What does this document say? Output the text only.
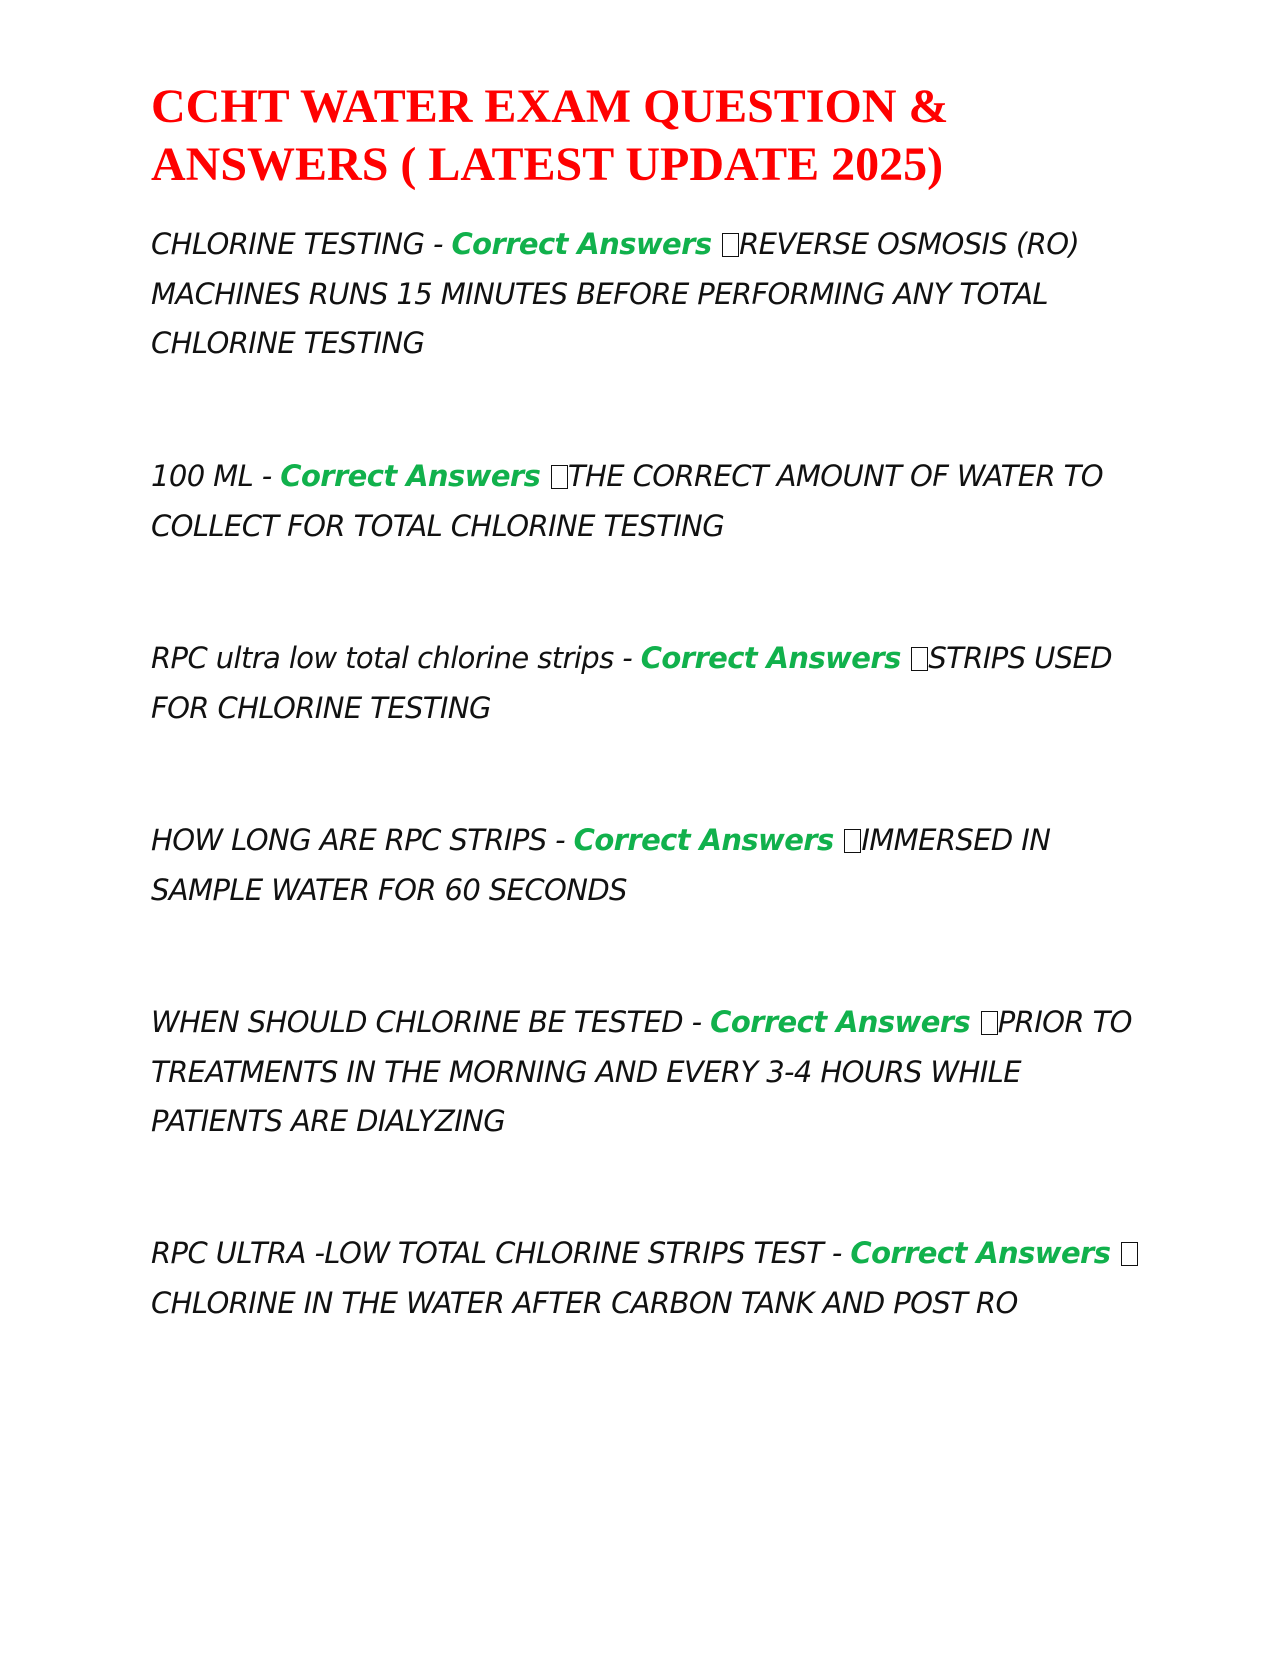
CCHT WATER EXAM QUESTION & ANSWERS ( LATEST UPDATE 2025)

CHLORINE TESTING - Correct Answers REVERSE OSMOSIS (RO) MACHINES RUNS 15 MINUTES BEFORE PERFORMING ANY TOTAL CHLORINE TESTING

100 ML - Correct Answers THE CORRECT AMOUNT OF WATER TO COLLECT FOR TOTAL CHLORINE TESTING

RPC ultra low total chlorine strips - Correct Answers STRIPS USED FOR CHLORINE TESTING

HOW LONG ARE RPC STRIPS - Correct Answers IMMERSED IN SAMPLE WATER FOR 60 SECONDS

WHEN SHOULD CHLORINE BE TESTED - Correct Answers PRIOR TO TREATMENTS IN THE MORNING AND EVERY 3-4 HOURS WHILE PATIENTS ARE DIALYZING

RPC ULTRA -LOW TOTAL CHLORINE STRIPS TEST - Correct Answers CHLORINE IN THE WATER AFTER CARBON TANK AND POST RO
